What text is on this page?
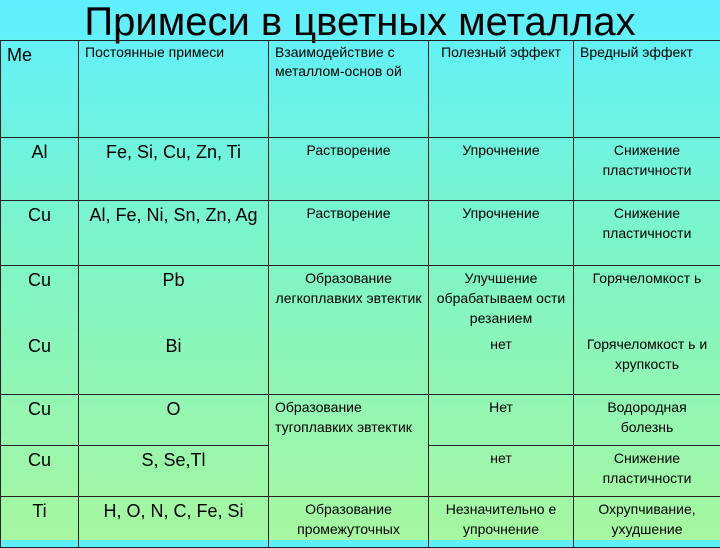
Примеси в цветных металлах
Me	Постоянные примеси	Взаимодействие с металлом-основ ой	Полезный эффект	Вредный эффект
Al	Fe, Si, Cu, Zn, Ti	Растворение	Упрочнение	Снижение пластичности
Cu	Al, Fe, Ni, Sn, Zn, Ag	Растворение	Упрочнение	Снижение пластичности
Cu	Pb	Образование легкоплавких эвтектик	Улучшение обрабатываем ости резанием	Горячеломкост ь
Cu	Bi		нет	Горячеломкост ь и хрупкость
Cu	O	Образование тугоплавких эвтектик	Нет	Водородная болезнь
Cu	S, Se,Tl		нет	Снижение пластичности
Ti	H, O, N, C, Fe, Si	Образование промежуточных	Незначительно е упрочнение	Охрупчивание, ухудшение
